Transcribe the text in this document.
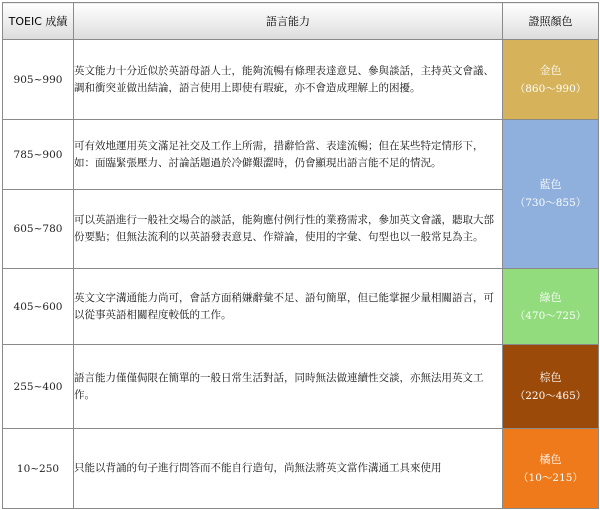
TOEIC 成績	語言能力	證照顏色
905~990	英文能力十分近似於英語母語人士，能夠流暢有條理表達意見、參與談話，主持英文會議、調和衝突並做出結論，語言使用上即使有瑕疵，亦不會造成理解上的困擾。	金色
（860～990）

785~900	可有效地運用英文滿足社交及工作上所需，措辭恰當、表達流暢；但在某些特定情形下，如：面臨緊張壓力、討論話題過於冷僻艱澀時，仍會顯現出語言能不足的情況。	藍色
（730～855）

605~780	可以英語進行一般社交場合的談話，能夠應付例行性的業務需求，參加英文會議，聽取大部份要點；但無法流利的以英語發表意見、作辯論，使用的字彙、句型也以一般常見為主。	
405~600	英文文字溝通能力尚可，會話方面稍嫌辭彙不足、語句簡單，但已能掌握少量相關語言，可以從事英語相關程度較低的工作。	綠色
（470～725）

255~400	語言能力僅僅侷限在簡單的一般日常生活對話，同時無法做連續性交談，亦無法用英文工作。	棕色
（220～465）

10~250	只能以背誦的句子進行問答而不能自行造句，尚無法將英文當作溝通工具來使用	橘色
（10～215）
